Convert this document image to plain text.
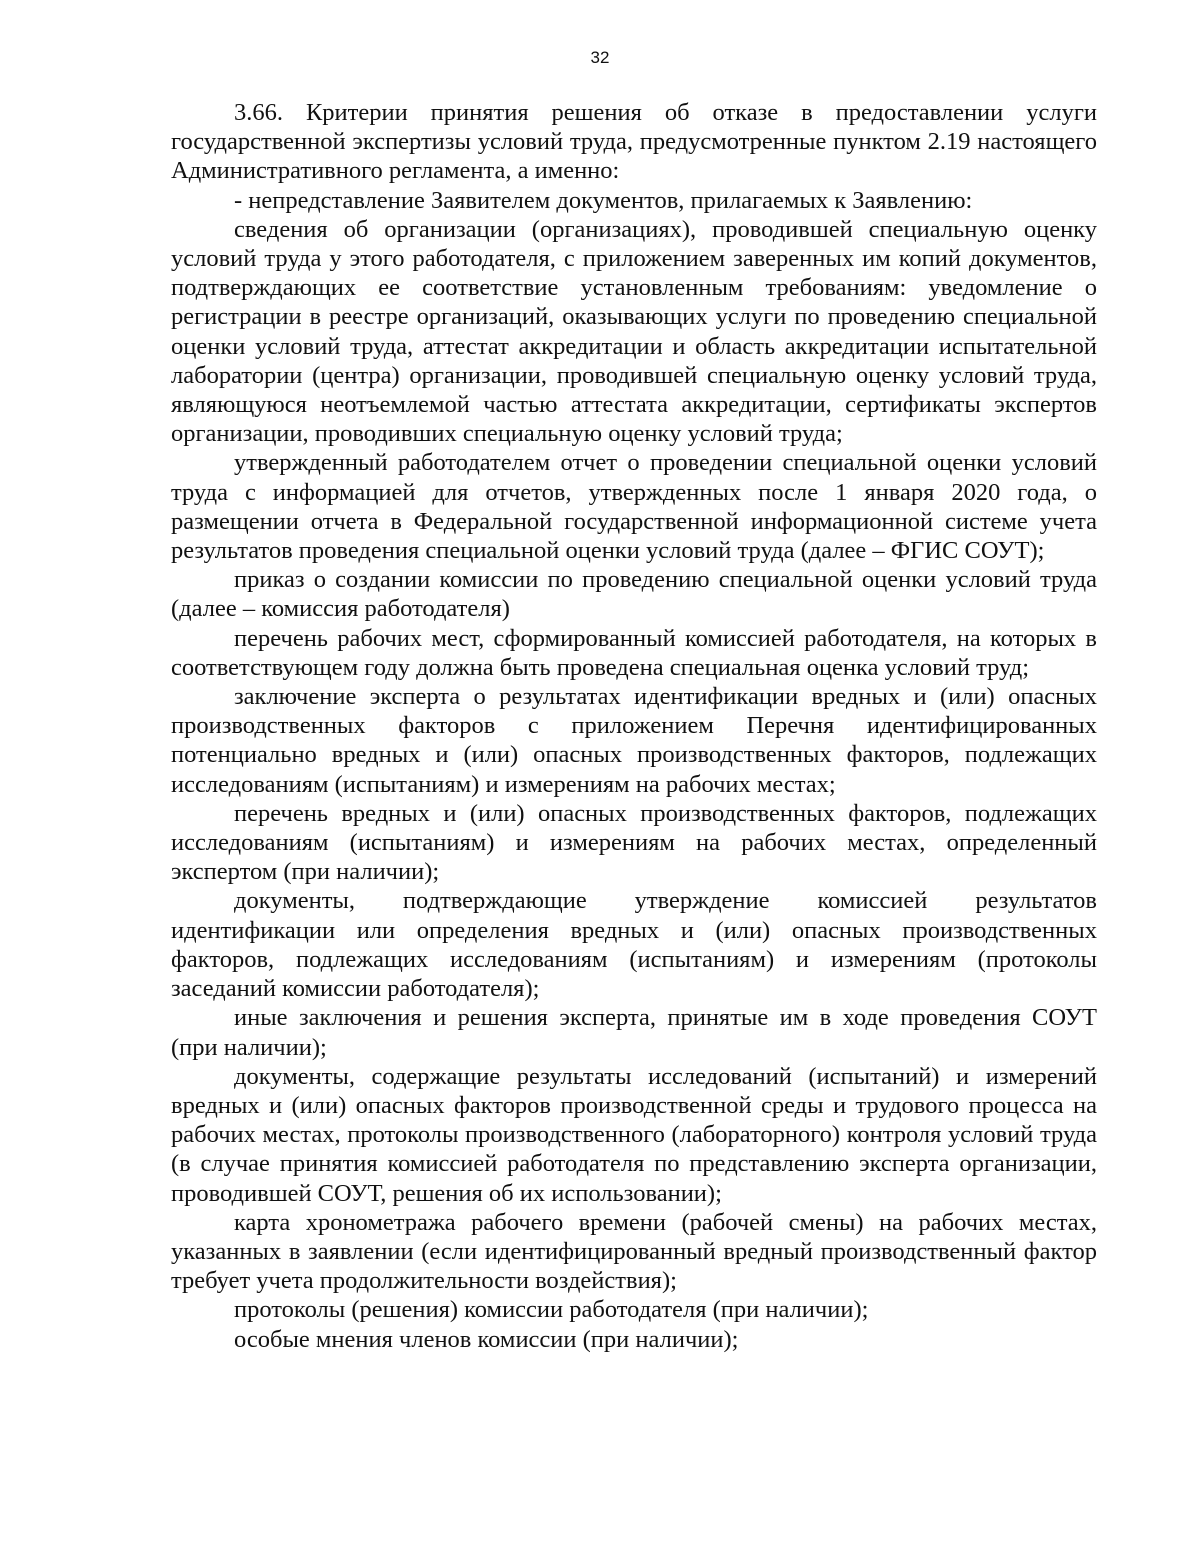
32

3.66. Критерии принятия решения об отказе в предоставлении услуги государственной экспертизы условий труда, предусмотренные пунктом 2.19 настоящего Административного регламента, а именно:

- непредставление Заявителем документов, прилагаемых к Заявлению:

сведения об организации (организациях), проводившей специальную оценку условий труда у этого работодателя, с приложением заверенных им копий документов, подтверждающих ее соответствие установленным требованиям: уведомление о регистрации в реестре организаций, оказывающих услуги по проведению специальной оценки условий труда, аттестат аккредитации и область аккредитации испытательной лаборатории (центра) организации, проводившей специальную оценку условий труда, являющуюся неотъемлемой частью аттестата аккредитации, сертификаты экспертов организации, проводивших специальную оценку условий труда;

утвержденный работодателем отчет о проведении специальной оценки условий труда с информацией для отчетов, утвержденных после 1 января 2020 года, о размещении отчета в Федеральной государственной информационной системе учета результатов проведения специальной оценки условий труда (далее – ФГИС СОУТ);

приказ о создании комиссии по проведению специальной оценки условий труда (далее – комиссия работодателя)

перечень рабочих мест, сформированный комиссией работодателя, на которых в соответствующем году должна быть проведена специальная оценка условий труд;

заключение эксперта о результатах идентификации вредных и (или) опасных производственных факторов с приложением Перечня идентифицированных потенциально вредных и (или) опасных производственных факторов, подлежащих исследованиям (испытаниям) и измерениям на рабочих местах;

перечень вредных и (или) опасных производственных факторов, подлежащих исследованиям (испытаниям) и измерениям на рабочих местах, определенный экспертом (при наличии);

документы, подтверждающие утверждение комиссией результатов идентификации или определения вредных и (или) опасных производственных факторов, подлежащих исследованиям (испытаниям) и измерениям (протоколы заседаний комиссии работодателя);

иные заключения и решения эксперта, принятые им в ходе проведения СОУТ (при наличии);

документы, содержащие результаты исследований (испытаний) и измерений вредных и (или) опасных факторов производственной среды и трудового процесса на рабочих местах, протоколы производственного (лабораторного) контроля условий труда (в случае принятия комиссией работодателя по представлению эксперта организации, проводившей СОУТ, решения об их использовании);

карта хронометража рабочего времени (рабочей смены) на рабочих местах, указанных в заявлении (если идентифицированный вредный производственный фактор требует учета продолжительности воздействия);

протоколы (решения) комиссии работодателя (при наличии);

особые мнения членов комиссии (при наличии);
